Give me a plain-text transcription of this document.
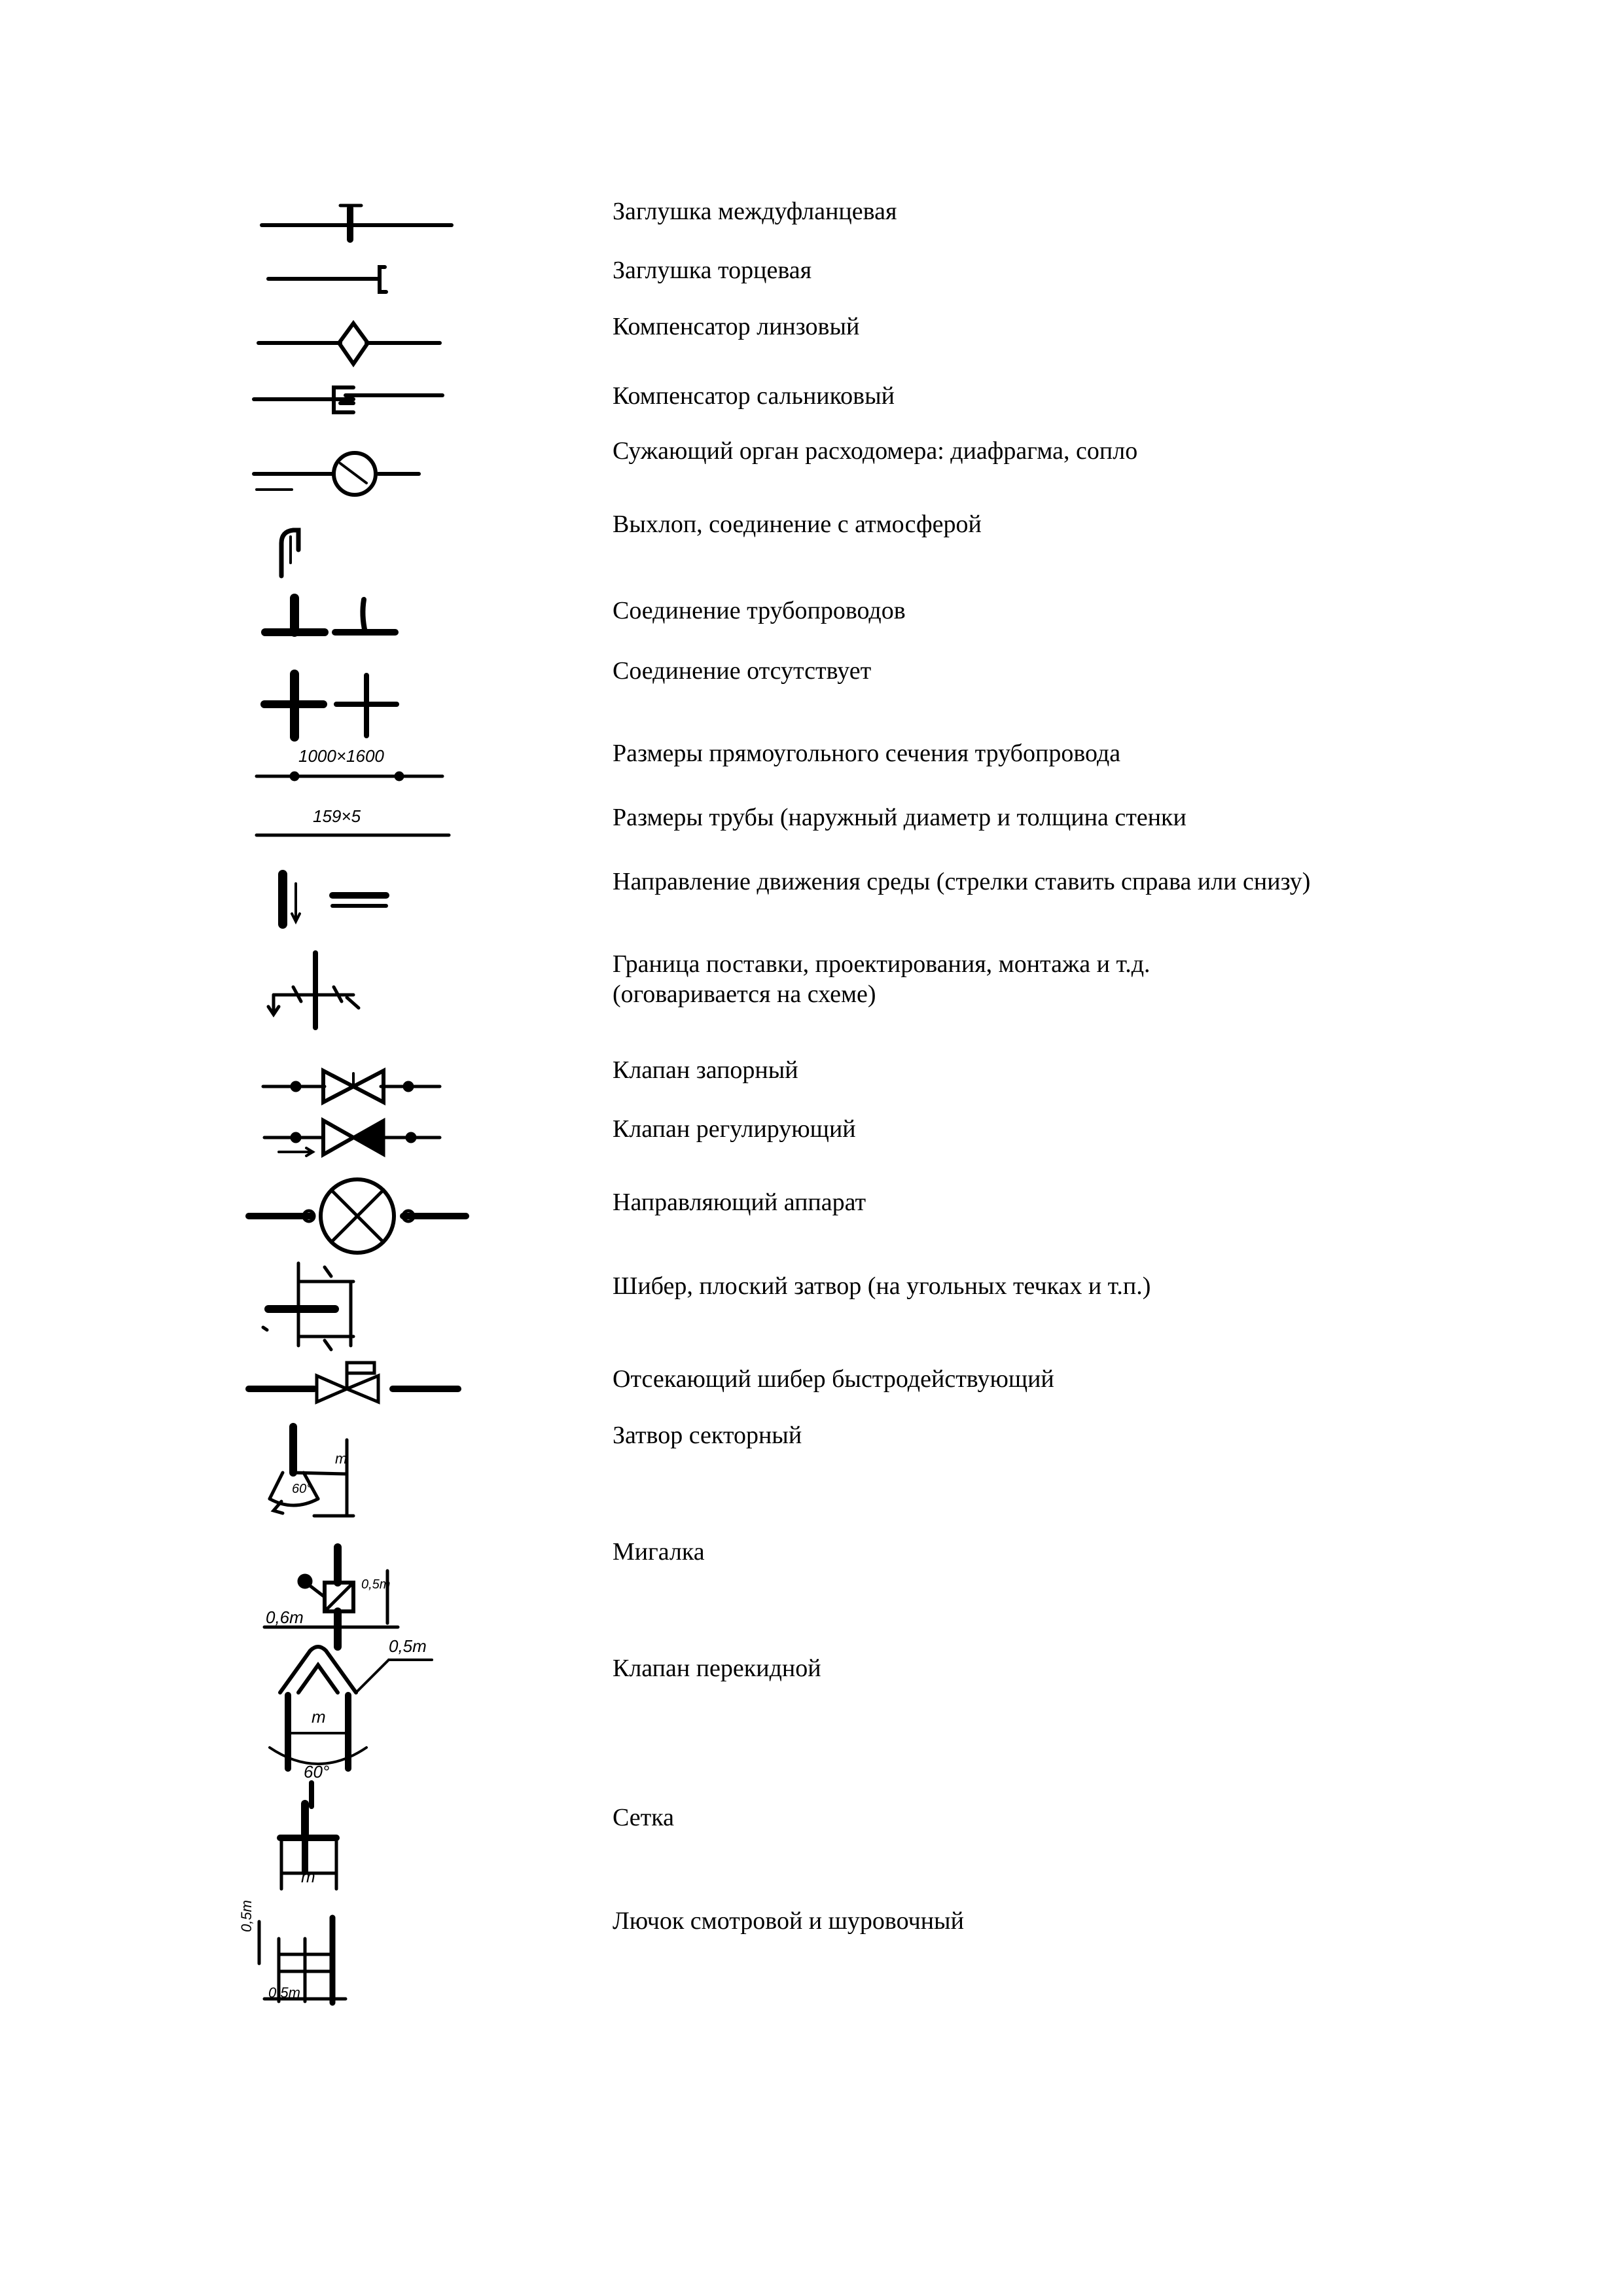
1000×1600
159×5
60°
m
0,6m
0,5m
0,5m
m
60°
m
0,5m
0,5m
Заглушка междуфланцевая
Заглушка торцевая
Компенсатор линзовый
Компенсатор сальниковый
Сужающий орган расходомера: диафрагма, сопло
Выхлоп, соединение с атмосферой
Соединение трубопроводов
Соединение отсутствует
Размеры прямоугольного сечения трубопровода
Размеры трубы (наружный диаметр и толщина стенки
Направление движения среды (стрелки ставить справа или снизу)
Граница поставки, проектирования, монтажа и т.д.
(оговаривается на схеме)
Клапан запорный
Клапан регулирующий
Направляющий аппарат
Шибер, плоский затвор (на угольных течках и т.п.)
Отсекающий шибер быстродействующий
Затвор секторный
Мигалка
Клапан перекидной
Сетка
Лючок смотровой и шуровочный
